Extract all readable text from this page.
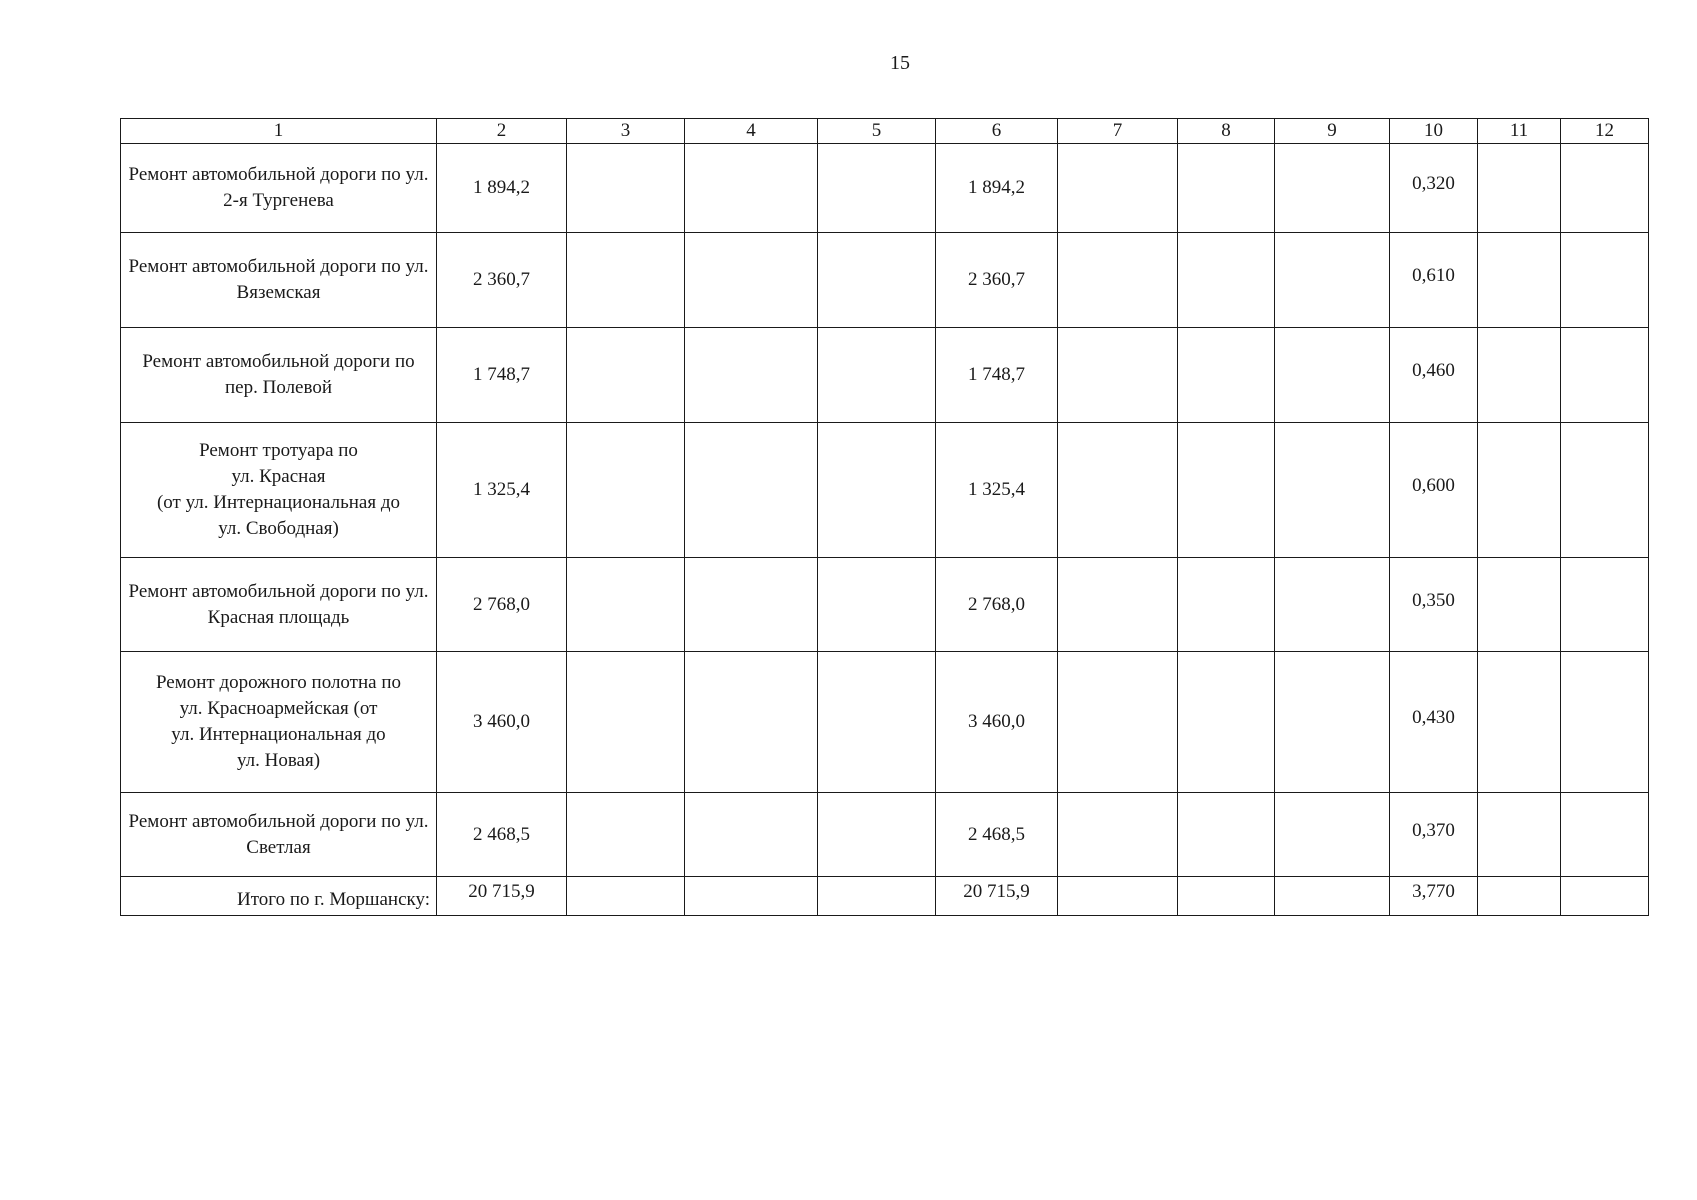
15
1	2	3	4	5	6	7	8	9	10	11	12
Ремонт автомобильной дороги по ул. 2-я Тургенева	1 894,2				1 894,2				0,320		
Ремонт автомобильной дороги по ул. Вяземская	2 360,7				2 360,7				0,610		
Ремонт автомобильной дороги по пер. Полевой	1 748,7				1 748,7				0,460		
Ремонт тротуара по
ул. Красная
(от ул. Интернациональная до
ул. Свободная)	1 325,4				1 325,4				0,600		
Ремонт автомобильной дороги по ул. Красная площадь	2 768,0				2 768,0				0,350		
Ремонт дорожного полотна по
ул. Красноармейская (от
ул. Интернациональная до
ул. Новая)	3 460,0				3 460,0				0,430		
Ремонт автомобильной дороги по ул. Светлая	2 468,5				2 468,5				0,370		
Итого по г. Моршанску:	20 715,9				20 715,9				3,770		
